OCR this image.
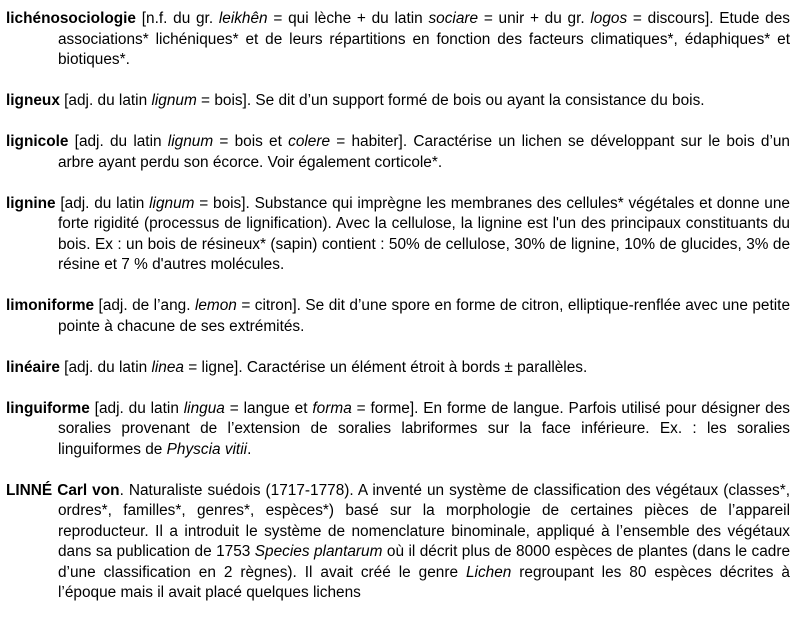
lichénosociologie [n.f. du gr. leikhên = qui lèche + du latin sociare = unir + du gr. logos = discours]. Etude des associations* lichéniques* et de leurs répartitions en fonction des facteurs climatiques*, édaphiques* et biotiques*.

ligneux [adj. du latin lignum = bois]. Se dit d’un support formé de bois ou ayant la consistance du bois.

lignicole [adj. du latin lignum = bois et colere = habiter]. Caractérise un lichen se développant sur le bois d’un arbre ayant perdu son écorce. Voir également corticole*.

lignine [adj. du latin lignum = bois]. Substance qui imprègne les membranes des cellules* végétales et donne une forte rigidité (processus de lignification). Avec la cellulose, la lignine est l'un des principaux constituants du bois. Ex : un bois de résineux* (sapin) contient : 50% de cellulose, 30% de lignine, 10% de glucides, 3% de résine et 7 % d'autres molécules.

limoniforme [adj. de l’ang. lemon = citron]. Se dit d’une spore en forme de citron, elliptique-renflée avec une petite pointe à chacune de ses extrémités.

linéaire [adj. du latin linea = ligne]. Caractérise un élément étroit à bords ± parallèles.

linguiforme [adj. du latin lingua = langue et forma = forme]. En forme de langue. Parfois utilisé pour désigner des soralies provenant de l’extension de soralies labriformes sur la face inférieure. Ex. : les soralies linguiformes de Physcia vitii.

LINNÉ Carl von. Naturaliste suédois (1717-1778). A inventé un système de classification des végétaux (classes*, ordres*, familles*, genres*, espèces*) basé sur la morphologie de certaines pièces de l’appareil reproducteur. Il a introduit le système de nomenclature binominale, appliqué à l’ensemble des végétaux dans sa publication de 1753 Species plantarum où il décrit plus de 8000 espèces de plantes (dans le cadre d’une classification en 2 règnes). Il avait créé le genre Lichen regroupant les 80 espèces décrites à l’époque mais il avait placé quelques lichens
